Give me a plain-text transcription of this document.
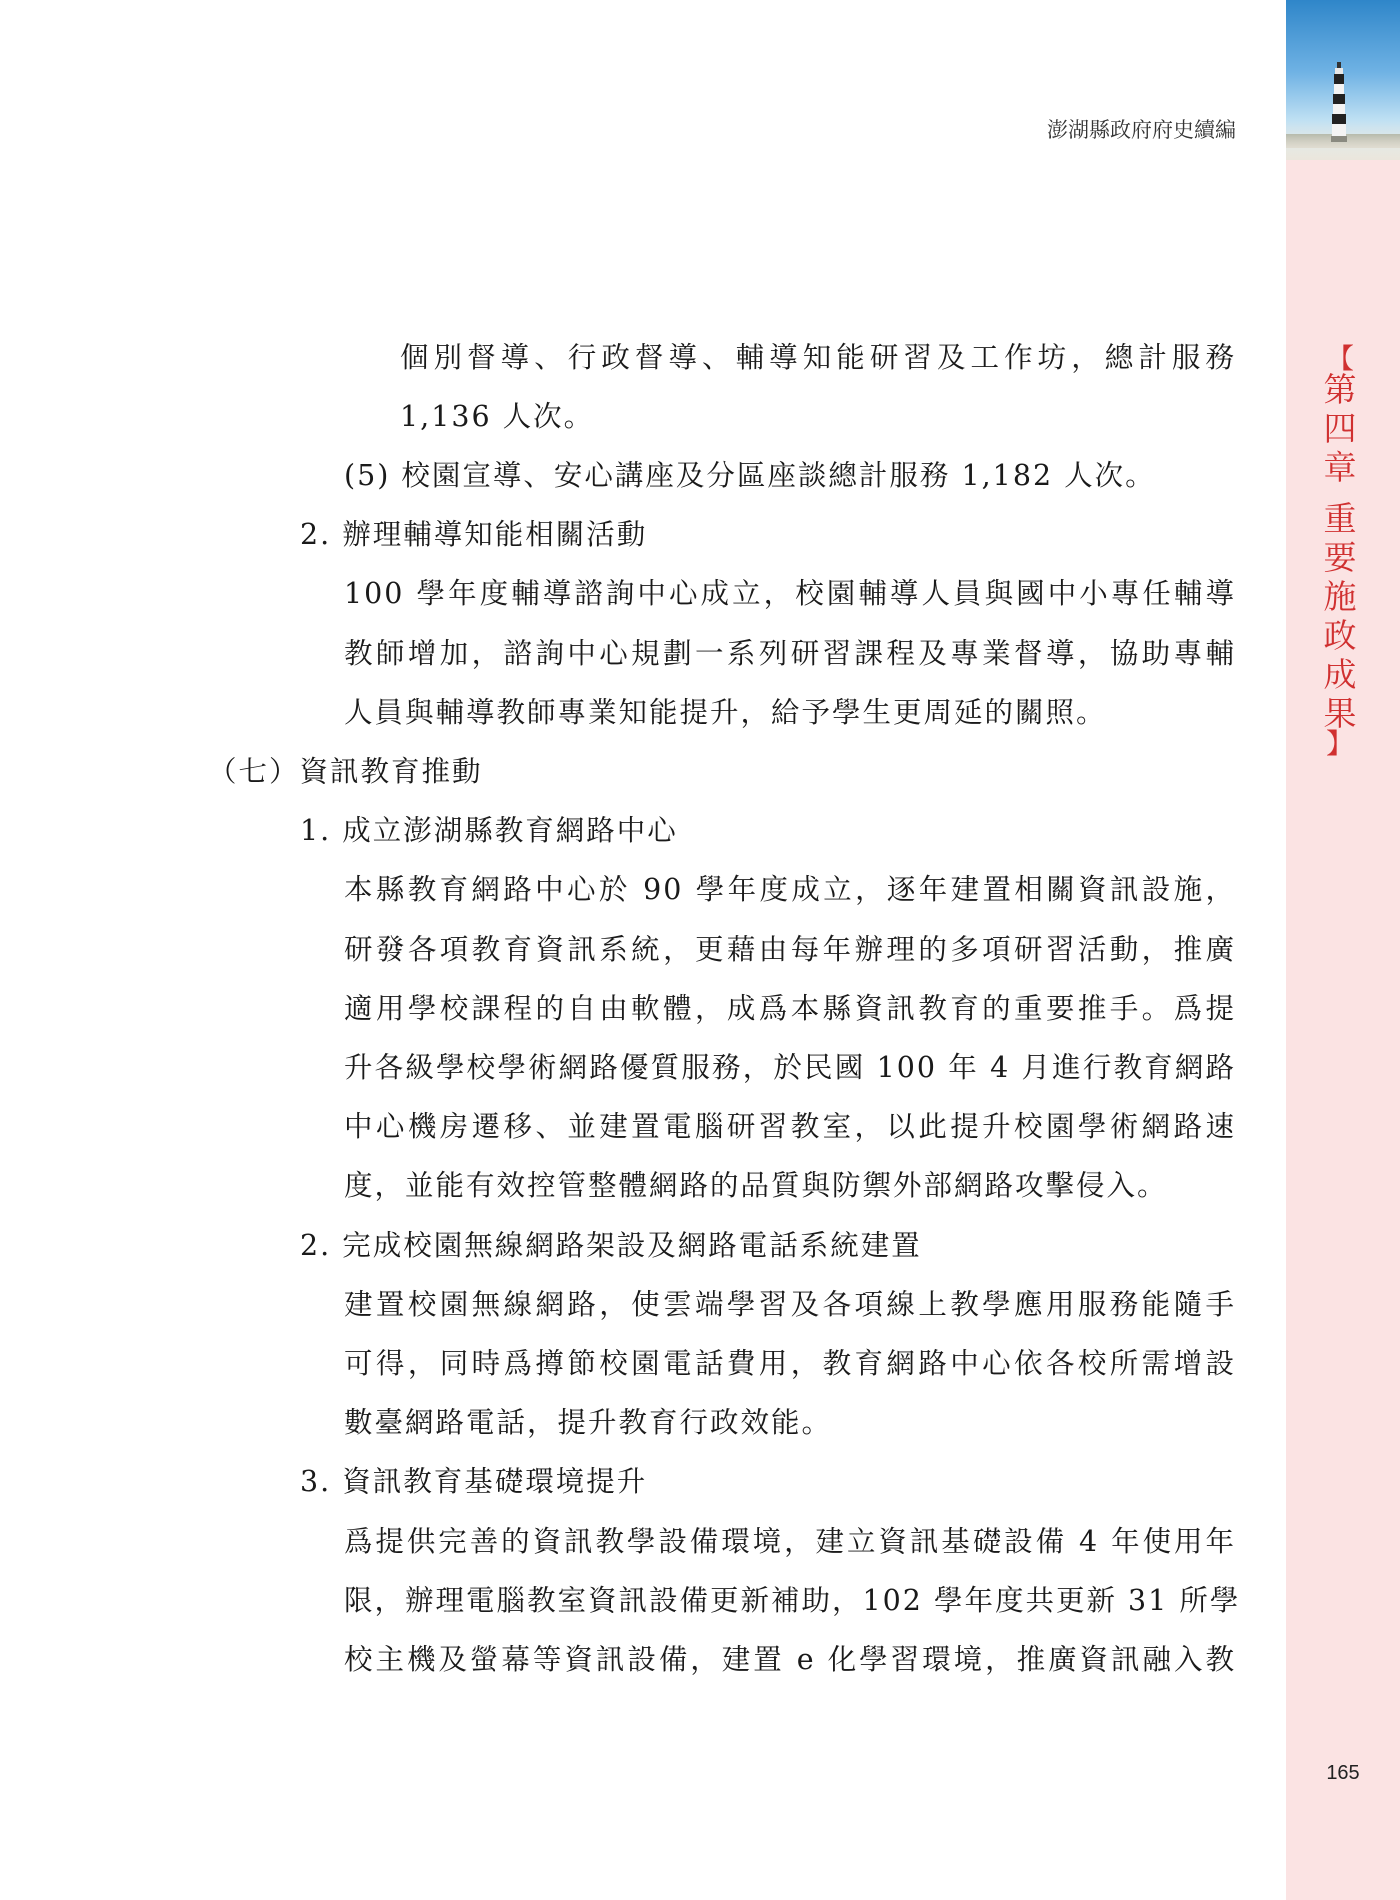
澎湖縣政府府史續編
【
第
四
章
重
要
施
政
成
果
】
個別督導、行政督導、輔導知能研習及工作坊，總計服務
1,136 人次。
(5) 校園宣導、安心講座及分區座談總計服務 1,182 人次。
2. 辦理輔導知能相關活動
100 學年度輔導諮詢中心成立，校園輔導人員與國中小專任輔導
教師增加，諮詢中心規劃一系列研習課程及專業督導，協助專輔
人員與輔導教師專業知能提升，給予學生更周延的關照。
（七）資訊教育推動
1. 成立澎湖縣教育網路中心
本縣教育網路中心於 90 學年度成立，逐年建置相關資訊設施，
研發各項教育資訊系統，更藉由每年辦理的多項研習活動，推廣
適用學校課程的自由軟體，成爲本縣資訊教育的重要推手。爲提
升各級學校學術網路優質服務，於民國 100 年 4 月進行教育網路
中心機房遷移、並建置電腦研習教室，以此提升校園學術網路速
度，並能有效控管整體網路的品質與防禦外部網路攻擊侵入。
2. 完成校園無線網路架設及網路電話系統建置
建置校園無線網路，使雲端學習及各項線上教學應用服務能隨手
可得，同時爲撙節校園電話費用，教育網路中心依各校所需增設
數臺網路電話，提升教育行政效能。
3. 資訊教育基礎環境提升
爲提供完善的資訊教學設備環境，建立資訊基礎設備 4 年使用年
限，辦理電腦教室資訊設備更新補助，102 學年度共更新 31 所學
校主機及螢幕等資訊設備，建置 e 化學習環境，推廣資訊融入教
165
